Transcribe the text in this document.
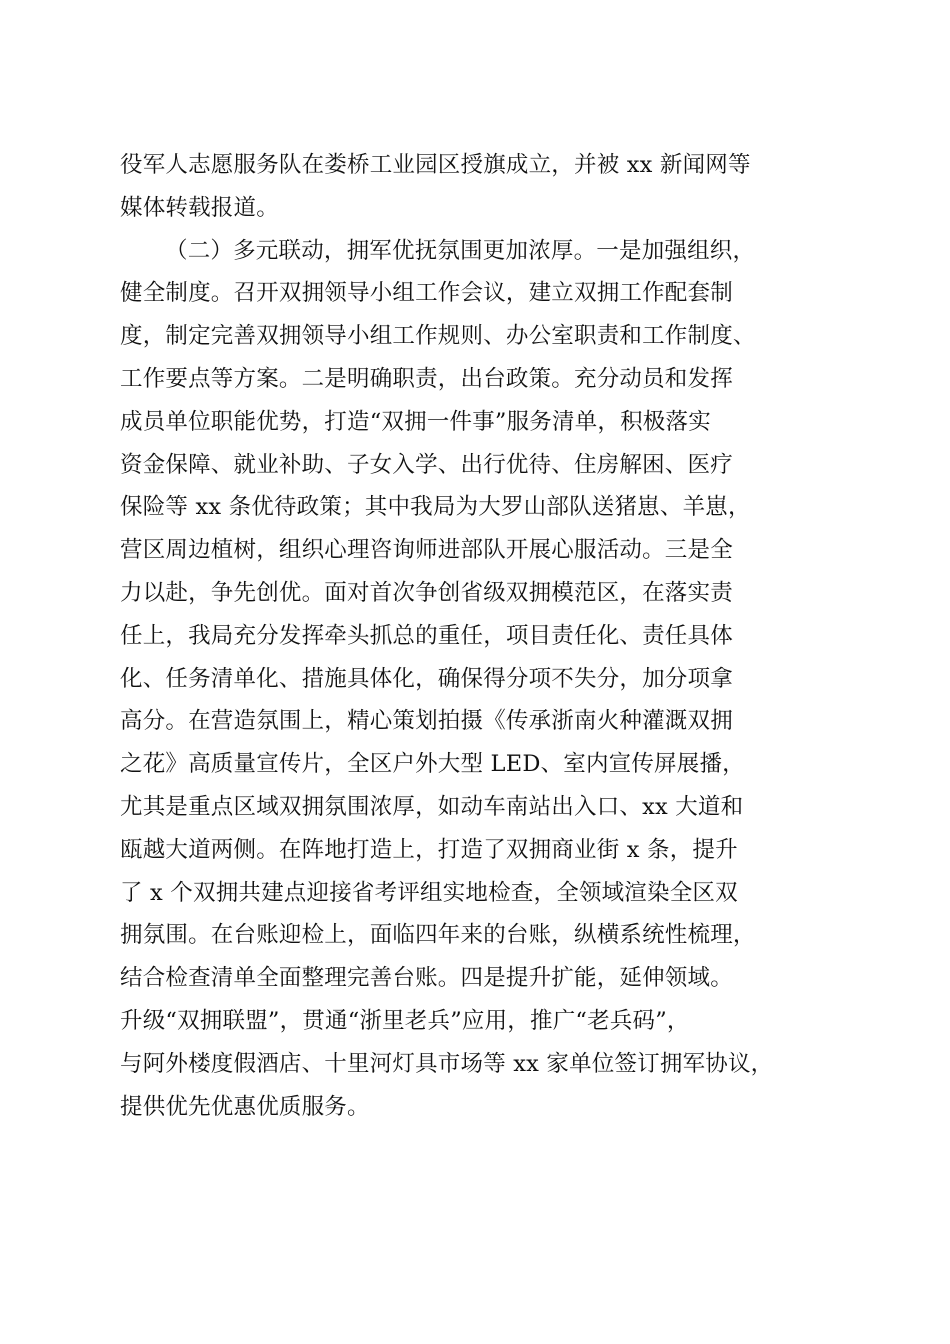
役军人志愿服务队在娄桥工业园区授旗成立，并被 xx 新闻网等
媒体转载报道。
（二）多元联动，拥军优抚氛围更加浓厚。一是加强组织，
健全制度。召开双拥领导小组工作会议，建立双拥工作配套制
度，制定完善双拥领导小组工作规则、办公室职责和工作制度、
工作要点等方案。二是明确职责，出台政策。充分动员和发挥
成员单位职能优势，打造“双拥一件事”服务清单，积极落实
资金保障、就业补助、子女入学、出行优待、住房解困、医疗
保险等 xx 条优待政策；其中我局为大罗山部队送猪崽、羊崽，
营区周边植树，组织心理咨询师进部队开展心服活动。三是全
力以赴，争先创优。面对首次争创省级双拥模范区，在落实责
任上，我局充分发挥牵头抓总的重任，项目责任化、责任具体
化、任务清单化、措施具体化，确保得分项不失分，加分项拿
高分。在营造氛围上，精心策划拍摄《传承浙南火种灌溉双拥
之花》高质量宣传片，全区户外大型 LED、室内宣传屏展播，
尤其是重点区域双拥氛围浓厚，如动车南站出入口、xx 大道和
瓯越大道两侧。在阵地打造上，打造了双拥商业街 x 条，提升
了 x 个双拥共建点迎接省考评组实地检查，全领域渲染全区双
拥氛围。在台账迎检上，面临四年来的台账，纵横系统性梳理，
结合检查清单全面整理完善台账。四是提升扩能，延伸领域。
升级“双拥联盟”，贯通“浙里老兵”应用，推广“老兵码”，
与阿外楼度假酒店、十里河灯具市场等 xx 家单位签订拥军协议，
提供优先优惠优质服务。
